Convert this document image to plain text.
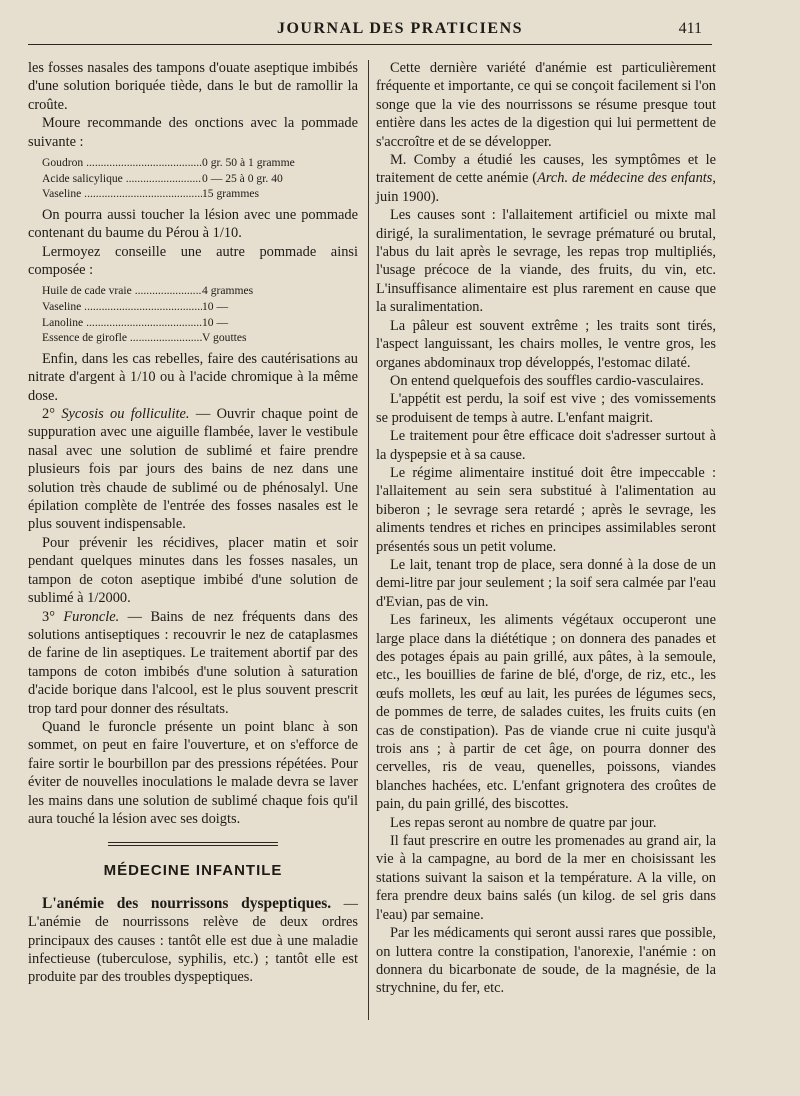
JOURNAL DES PRATICIENS	411

les fosses nasales des tampons d'ouate aseptique imbibés d'une solution boriquée tiède, dans le but de ramollir la croûte.

Moure recommande des onctions avec la pommade suivante :

Goudron .....	0 gr. 50 à 1 gramme
Acide salicylique .....	0 — 25 à 0 gr. 40
Vaseline .....	15 grammes

On pourra aussi toucher la lésion avec une pommade contenant du baume du Pérou à 1/10.

Lermoyez conseille une autre pommade ainsi composée :

Huile de cade vraie .....	4 grammes
Vaseline .....	10 —
Lanoline .....	10 —
Essence de girofle .....	V gouttes

Enfin, dans les cas rebelles, faire des cautérisations au nitrate d'argent à 1/10 ou à l'acide chromique à la même dose.

2° Sycosis ou folliculite. — Ouvrir chaque point de suppuration avec une aiguille flambée, laver le vestibule nasal avec une solution de sublimé et faire prendre plusieurs fois par jours des bains de nez dans une solution très chaude de sublimé ou de phénosalyl. Une épilation complète de l'entrée des fosses nasales est le plus souvent indispensable.

Pour prévenir les récidives, placer matin et soir pendant quelques minutes dans les fosses nasales, un tampon de coton aseptique imbibé d'une solution de sublimé à 1/2000.

3° Furoncle. — Bains de nez fréquents dans des solutions antiseptiques : recouvrir le nez de cataplasmes de farine de lin aseptiques. Le traitement abortif par des tampons de coton imbibés d'une solution à saturation d'acide borique dans l'alcool, est le plus souvent prescrit trop tard pour donner des résultats.

Quand le furoncle présente un point blanc à son sommet, on peut en faire l'ouverture, et on s'efforce de faire sortir le bourbillon par des pressions répétées. Pour éviter de nouvelles inoculations le malade devra se laver les mains dans une solution de sublimé chaque fois qu'il aura touché la lésion avec ses doigts.

MÉDECINE INFANTILE

L'anémie des nourrissons dyspeptiques. — L'anémie de nourrissons relève de deux ordres principaux des causes : tantôt elle est due à une maladie infectieuse (tuberculose, syphilis, etc.) ; tantôt elle est produite par des troubles dyspeptiques.

Cette dernière variété d'anémie est particulièrement fréquente et importante, ce qui se conçoit facilement si l'on songe que la vie des nourrissons se résume presque tout entière dans les actes de la digestion qui lui permettent de s'accroître et de se développer.

M. Comby a étudié les causes, les symptômes et le traitement de cette anémie (Arch. de médecine des enfants, juin 1900).

Les causes sont : l'allaitement artificiel ou mixte mal dirigé, la suralimentation, le sevrage prématuré ou brutal, l'abus du lait après le sevrage, les repas trop multipliés, l'usage précoce de la viande, des fruits, du vin, etc. L'insuffisance alimentaire est plus rarement en cause que la suralimentation.

La pâleur est souvent extrême ; les traits sont tirés, l'aspect languissant, les chairs molles, le ventre gros, les organes abdominaux trop développés, l'estomac dilaté.

On entend quelquefois des souffles cardio-vasculaires.

L'appétit est perdu, la soif est vive ; des vomissements se produisent de temps à autre. L'enfant maigrit.

Le traitement pour être efficace doit s'adresser surtout à la dyspepsie et à sa cause.

Le régime alimentaire institué doit être impeccable : l'allaitement au sein sera substitué à l'alimentation au biberon ; le sevrage sera retardé ; après le sevrage, les aliments tendres et riches en principes assimilables seront présentés sous un petit volume.

Le lait, tenant trop de place, sera donné à la dose de un demi-litre par jour seulement ; la soif sera calmée par l'eau d'Evian, pas de vin.

Les farineux, les aliments végétaux occuperont une large place dans la diététique ; on donnera des panades et des potages épais au pain grillé, aux pâtes, à la semoule, etc., les bouillies de farine de blé, d'orge, de riz, etc., les œufs mollets, les œuf au lait, les purées de légumes secs, de pommes de terre, de salades cuites, les fruits cuits (en cas de constipation). Pas de viande crue ni cuite jusqu'à trois ans ; à partir de cet âge, on pourra donner des cervelles, ris de veau, quenelles, poissons, viandes blanches hachées, etc. L'enfant grignotera des croûtes de pain, du pain grillé, des biscottes.

Les repas seront au nombre de quatre par jour.

Il faut prescrire en outre les promenades au grand air, la vie à la campagne, au bord de la mer en choisissant les stations suivant la saison et la température. A la ville, on fera prendre deux bains salés (un kilog. de sel gris dans l'eau) par semaine.

Par les médicaments qui seront aussi rares que possible, on luttera contre la constipation, l'anorexie, l'anémie : on donnera du bicarbonate de soude, de la magnésie, de la strychnine, du fer, etc.
